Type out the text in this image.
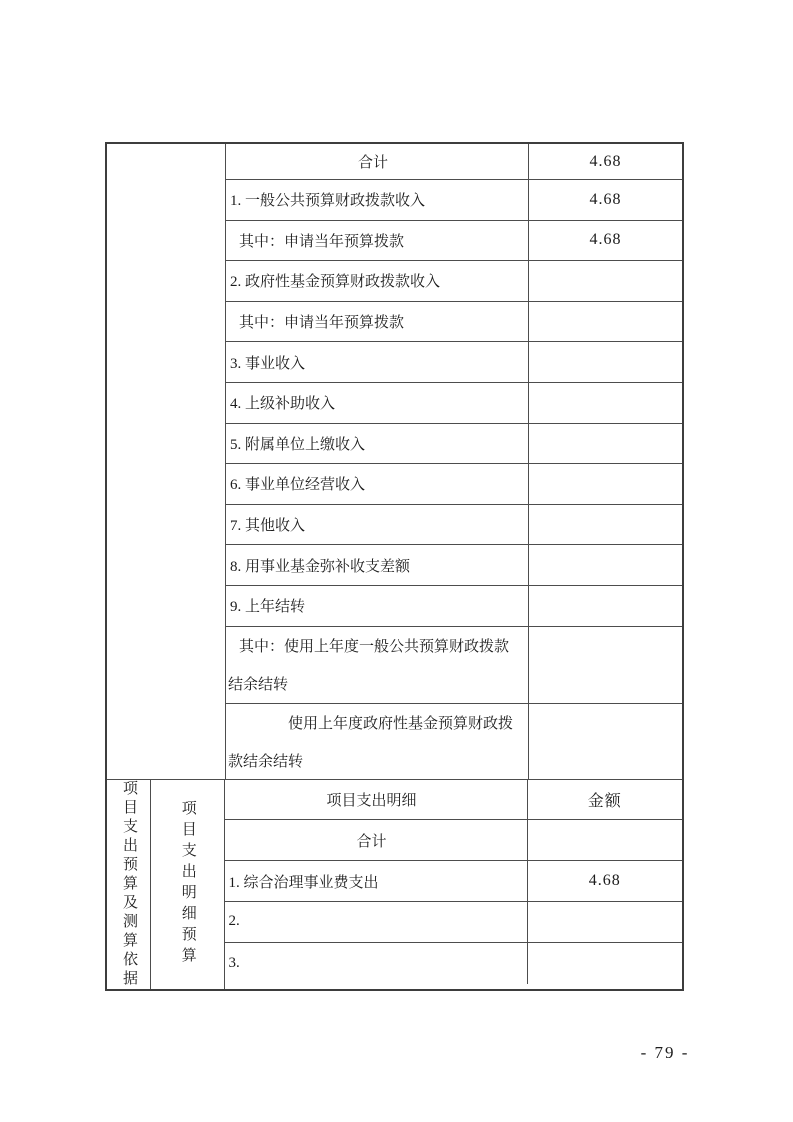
合计	4.68
1. 一般公共预算财政拨款收入	4.68
其中：申请当年预算拨款	4.68
2. 政府性基金预算财政拨款收入
其中：申请当年预算拨款
3. 事业收入
4. 上级补助收入
5. 附属单位上缴收入
6. 事业单位经营收入
7. 其他收入
8. 用事业基金弥补收支差额
9. 上年结转
其中：使用上年度一般公共预算财政拨款
结余结转
使用上年度政府性基金预算财政拨
款结余结转
项目支出预算及测算依据	项目支出明细预算	项目支出明细	金额
合计
1. 综合治理事业费支出	4.68
2.
3.
- 79 -
